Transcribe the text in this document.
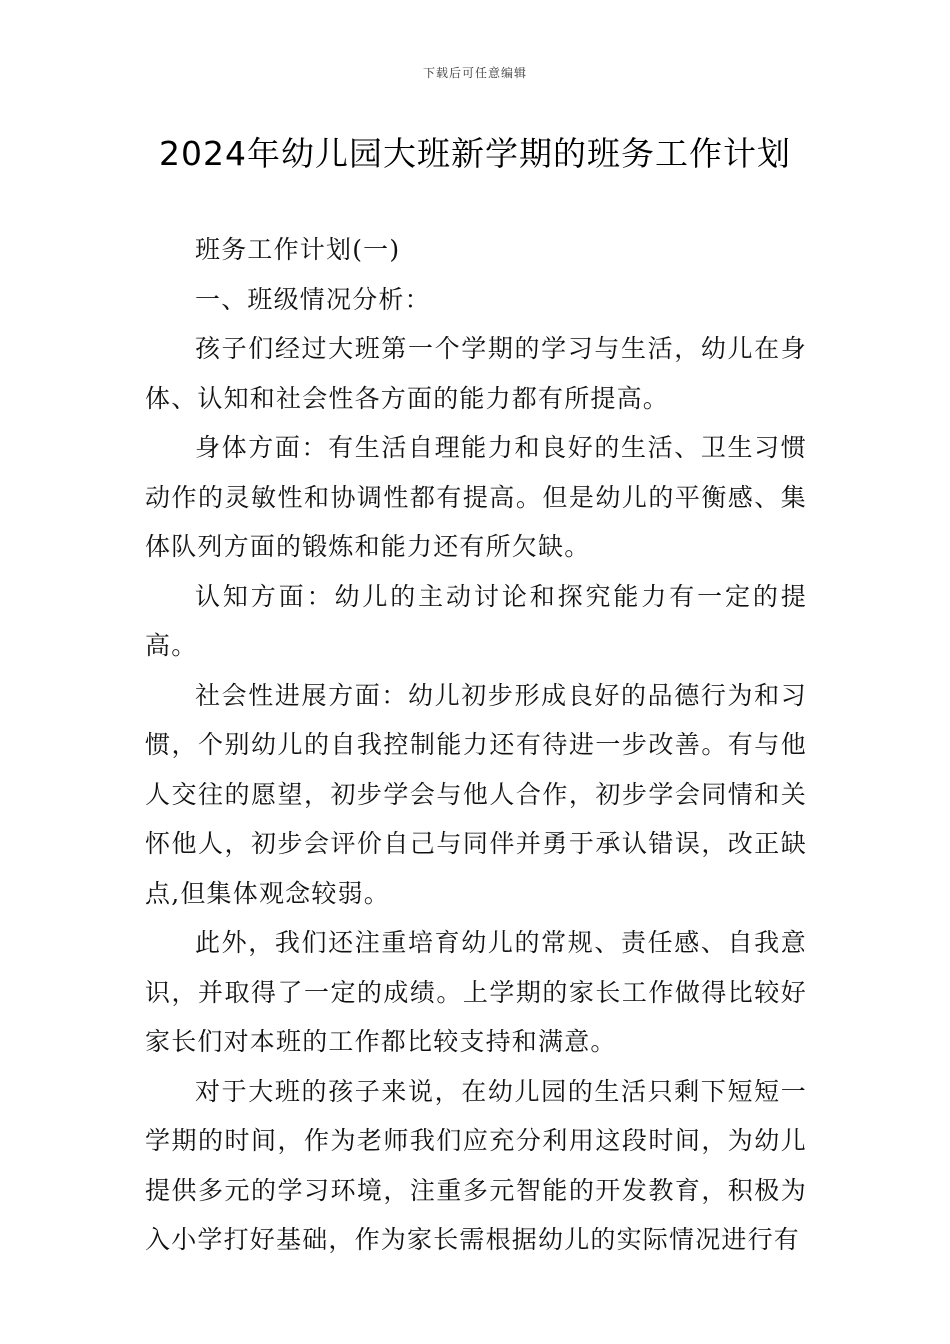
下载后可任意编辑
2024年幼儿园大班新学期的班务工作计划

班务工作计划(一)

一、班级情况分析：

孩子们经过大班第一个学期的学习与生活，幼儿在身体、认知和社会性各方面的能力都有所提高。

身体方面：有生活自理能力和良好的生活、卫生习惯动作的灵敏性和协调性都有提高。但是幼儿的平衡感、集体队列方面的锻炼和能力还有所欠缺。

认知方面：幼儿的主动讨论和探究能力有一定的提高。

社会性进展方面：幼儿初步形成良好的品德行为和习惯，个别幼儿的自我控制能力还有待进一步改善。有与他人交往的愿望，初步学会与他人合作，初步学会同情和关怀他人，初步会评价自己与同伴并勇于承认错误，改正缺点,但集体观念较弱。

此外，我们还注重培育幼儿的常规、责任感、自我意识，并取得了一定的成绩。上学期的家长工作做得比较好家长们对本班的工作都比较支持和满意。

对于大班的孩子来说，在幼儿园的生活只剩下短短一学期的时间，作为老师我们应充分利用这段时间，为幼儿提供多元的学习环境，注重多元智能的开发教育，积极为入小学打好基础，作为家长需根据幼儿的实际情况进行有
